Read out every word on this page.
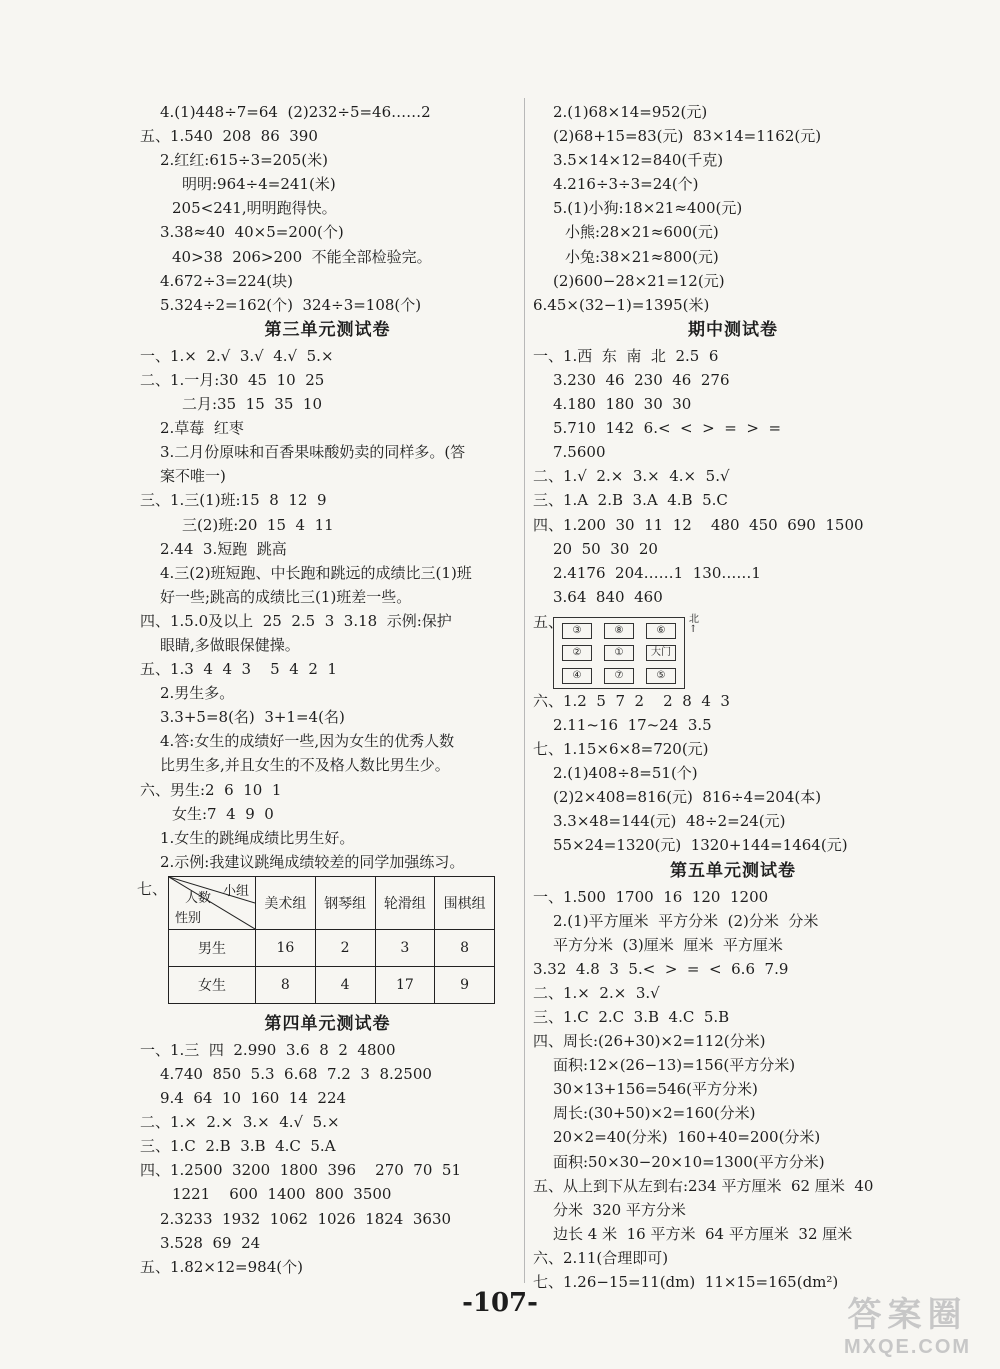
4.(1)448÷7=64  (2)232÷5=46……2
五、1.540  208  86  390
2.红红:615÷3=205(米)
明明:964÷4=241(米)
205<241,明明跑得快。
3.38≈40  40×5=200(个)
40>38  206>200  不能全部检验完。
4.672÷3=224(块)
5.324÷2=162(个)  324÷3=108(个)
第三单元测试卷
一、1.×  2.√  3.√  4.√  5.×
二、1.一月:30  45  10  25
二月:35  15  35  10
2.草莓  红枣
3.二月份原味和百香果味酸奶卖的同样多。(答
案不唯一)
三、1.三(1)班:15  8  12  9
三(2)班:20  15  4  11
2.44  3.短跑  跳高
4.三(2)班短跑、中长跑和跳远的成绩比三(1)班
好一些;跳高的成绩比三(1)班差一些。
四、1.5.0及以上  25  2.5  3  3.18  示例:保护
眼睛,多做眼保健操。
五、1.3  4  4  3    5  4  2  1
2.男生多。
3.3+5=8(名)  3+1=4(名)
4.答:女生的成绩好一些,因为女生的优秀人数
比男生多,并且女生的不及格人数比男生少。
六、男生:2  6  10  1
女生:7  4  9  0
1.女生的跳绳成绩比男生好。
2.示例:我建议跳绳成绩较差的同学加强练习。
七、	小组
人数
性别	美术组	钢琴组	轮滑组	围棋组
男生	16	2	3	8
女生	8	4	17	9
第四单元测试卷
一、1.三  四  2.990  3.6  8  2  4800
4.740  850  5.3  6.68  7.2  3  8.2500
9.4  64  10  160  14  224
二、1.×  2.×  3.×  4.√  5.×
三、1.C  2.B  3.B  4.C  5.A
四、1.2500  3200  1800  396    270  70  51
1221    600  1400  800  3500
2.3233  1932  1062  1026  1824  3630
3.528  69  24
五、1.82×12=984(个)
2.(1)68×14=952(元)
(2)68+15=83(元)  83×14=1162(元)
3.5×14×12=840(千克)
4.216÷3÷3=24(个)
5.(1)小狗:18×21≈400(元)
小熊:28×21≈600(元)
小兔:38×21≈800(元)
(2)600−28×21=12(元)
6.45×(32−1)=1395(米)
期中测试卷
一、1.西  东  南  北  2.5  6
3.230  46  230  46  276
4.180  180  30  30
5.710  142  6.<  <  >  =  >  =
7.5600
二、1.√  2.×  3.×  4.×  5.√
三、1.A  2.B  3.A  4.B  5.C
四、1.200  30  11  12    480  450  690  1500
20  50  30  20
2.4176  204……1  130……1
3.64  840  460
五、 ③	⑧	⑥
②	①	大门
④	⑦	⑤
北
↑
六、1.2  5  7  2    2  8  4  3
2.11~16  17~24  3.5
七、1.15×6×8=720(元)
2.(1)408÷8=51(个)
(2)2×408=816(元)  816÷4=204(本)
3.3×48=144(元)  48÷2=24(元)
55×24=1320(元)  1320+144=1464(元)
第五单元测试卷
一、1.500  1700  16  120  1200
2.(1)平方厘米  平方分米  (2)分米  分米
平方分米  (3)厘米  厘米  平方厘米
3.32  4.8  3  5.<  >  =  <  6.6  7.9
二、1.×  2.×  3.√
三、1.C  2.C  3.B  4.C  5.B
四、周长:(26+30)×2=112(分米)
面积:12×(26−13)=156(平方分米)
30×13+156=546(平方分米)
周长:(30+50)×2=160(分米)
20×2=40(分米)  160+40=200(分米)
面积:50×30−20×10=1300(平方分米)
五、从上到下从左到右:234 平方厘米  62 厘米  40
分米  320 平方分米
边长 4 米  16 平方米  64 平方厘米  32 厘米
六、2.11(合理即可)
七、1.26−15=11(dm)  11×15=165(dm²)
-107-	答案圈
MXQE.COM
